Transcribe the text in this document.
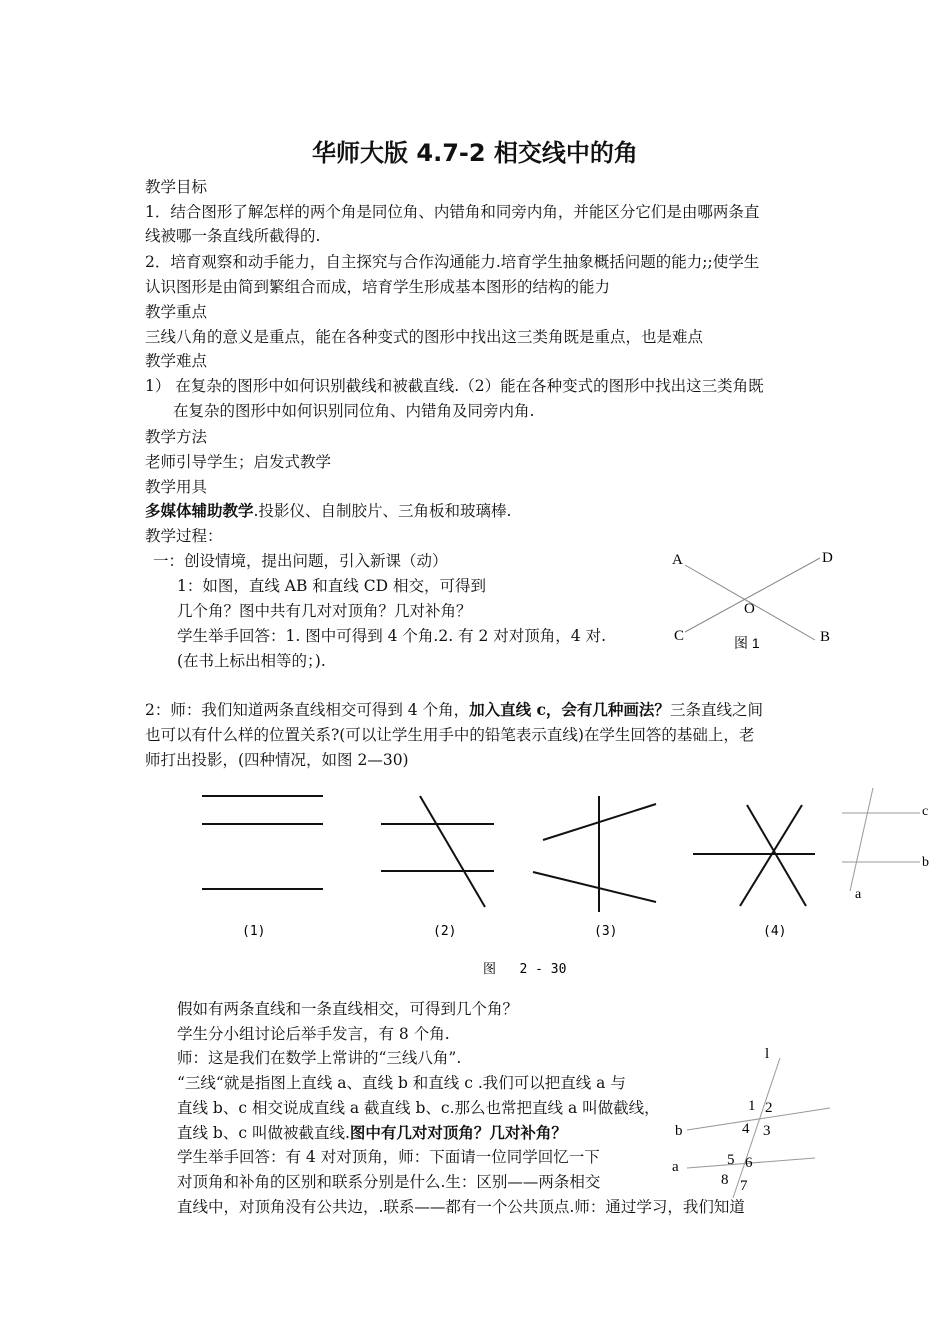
华师大版 4.7-2 相交线中的角
教学目标
1．结合图形了解怎样的两个角是同位角、内错角和同旁内角，并能区分它们是由哪两条直
线被哪一条直线所截得的.
2．培育观察和动手能力，自主探究与合作沟通能力.培育学生抽象概括问题的能力;;使学生
认识图形是由简到繁组合而成，培育学生形成基本图形的结构的能力
教学重点
三线八角的意义是重点，能在各种变式的图形中找出这三类角既是重点，也是难点
教学难点
1） 在复杂的图形中如何识别截线和被截直线.（2）能在各种变式的图形中找出这三类角既
在复杂的图形中如何识别同位角、内错角及同旁内角.
教学方法
老师引导学生；启发式教学
教学用具
多媒体辅助教学.投影仪、自制胶片、三角板和玻璃棒.
教学过程：
一：创设情境，提出问题，引入新课（动）
1：如图，直线 AB 和直线 CD 相交，可得到
几个角？图中共有几对对顶角？几对补角？
学生举手回答：1. 图中可得到 4 个角.2. 有 2 对对顶角，4 对.
(在书上标出相等的；).
A	D
O
C	B
图 1
2：师：我们知道两条直线相交可得到 4 个角，加入直线 c，会有几种画法？三条直线之间
也可以有什么样的位置关系?(可以让学生用手中的铅笔表示直线)在学生回答的基础上，老
师打出投影，(四种情况，如图 2—30)
c
b
a
(1)	(2)	(3)	(4)
图   2 - 30
假如有两条直线和一条直线相交，可得到几个角？
学生分小组讨论后举手发言，有 8 个角.
师：这是我们在数学上常讲的“三线八角”.
“三线“就是指图上直线 a、直线 b 和直线 c .我们可以把直线 a 与
直线 b、c 相交说成直线 a 截直线 b、c.那么也常把直线 a 叫做截线，
直线 b、c 叫做被截直线.图中有几对对顶角？几对补角？
学生举手回答：有 4 对对顶角，师：下面请一位同学回忆一下
对顶角和补角的区别和联系分别是什么.生：区别——两条相交
直线中，对顶角没有公共边，.联系——都有一个公共顶点.师：通过学习，我们知道
l
b
a
1 2
3
4
5 6
7
8
